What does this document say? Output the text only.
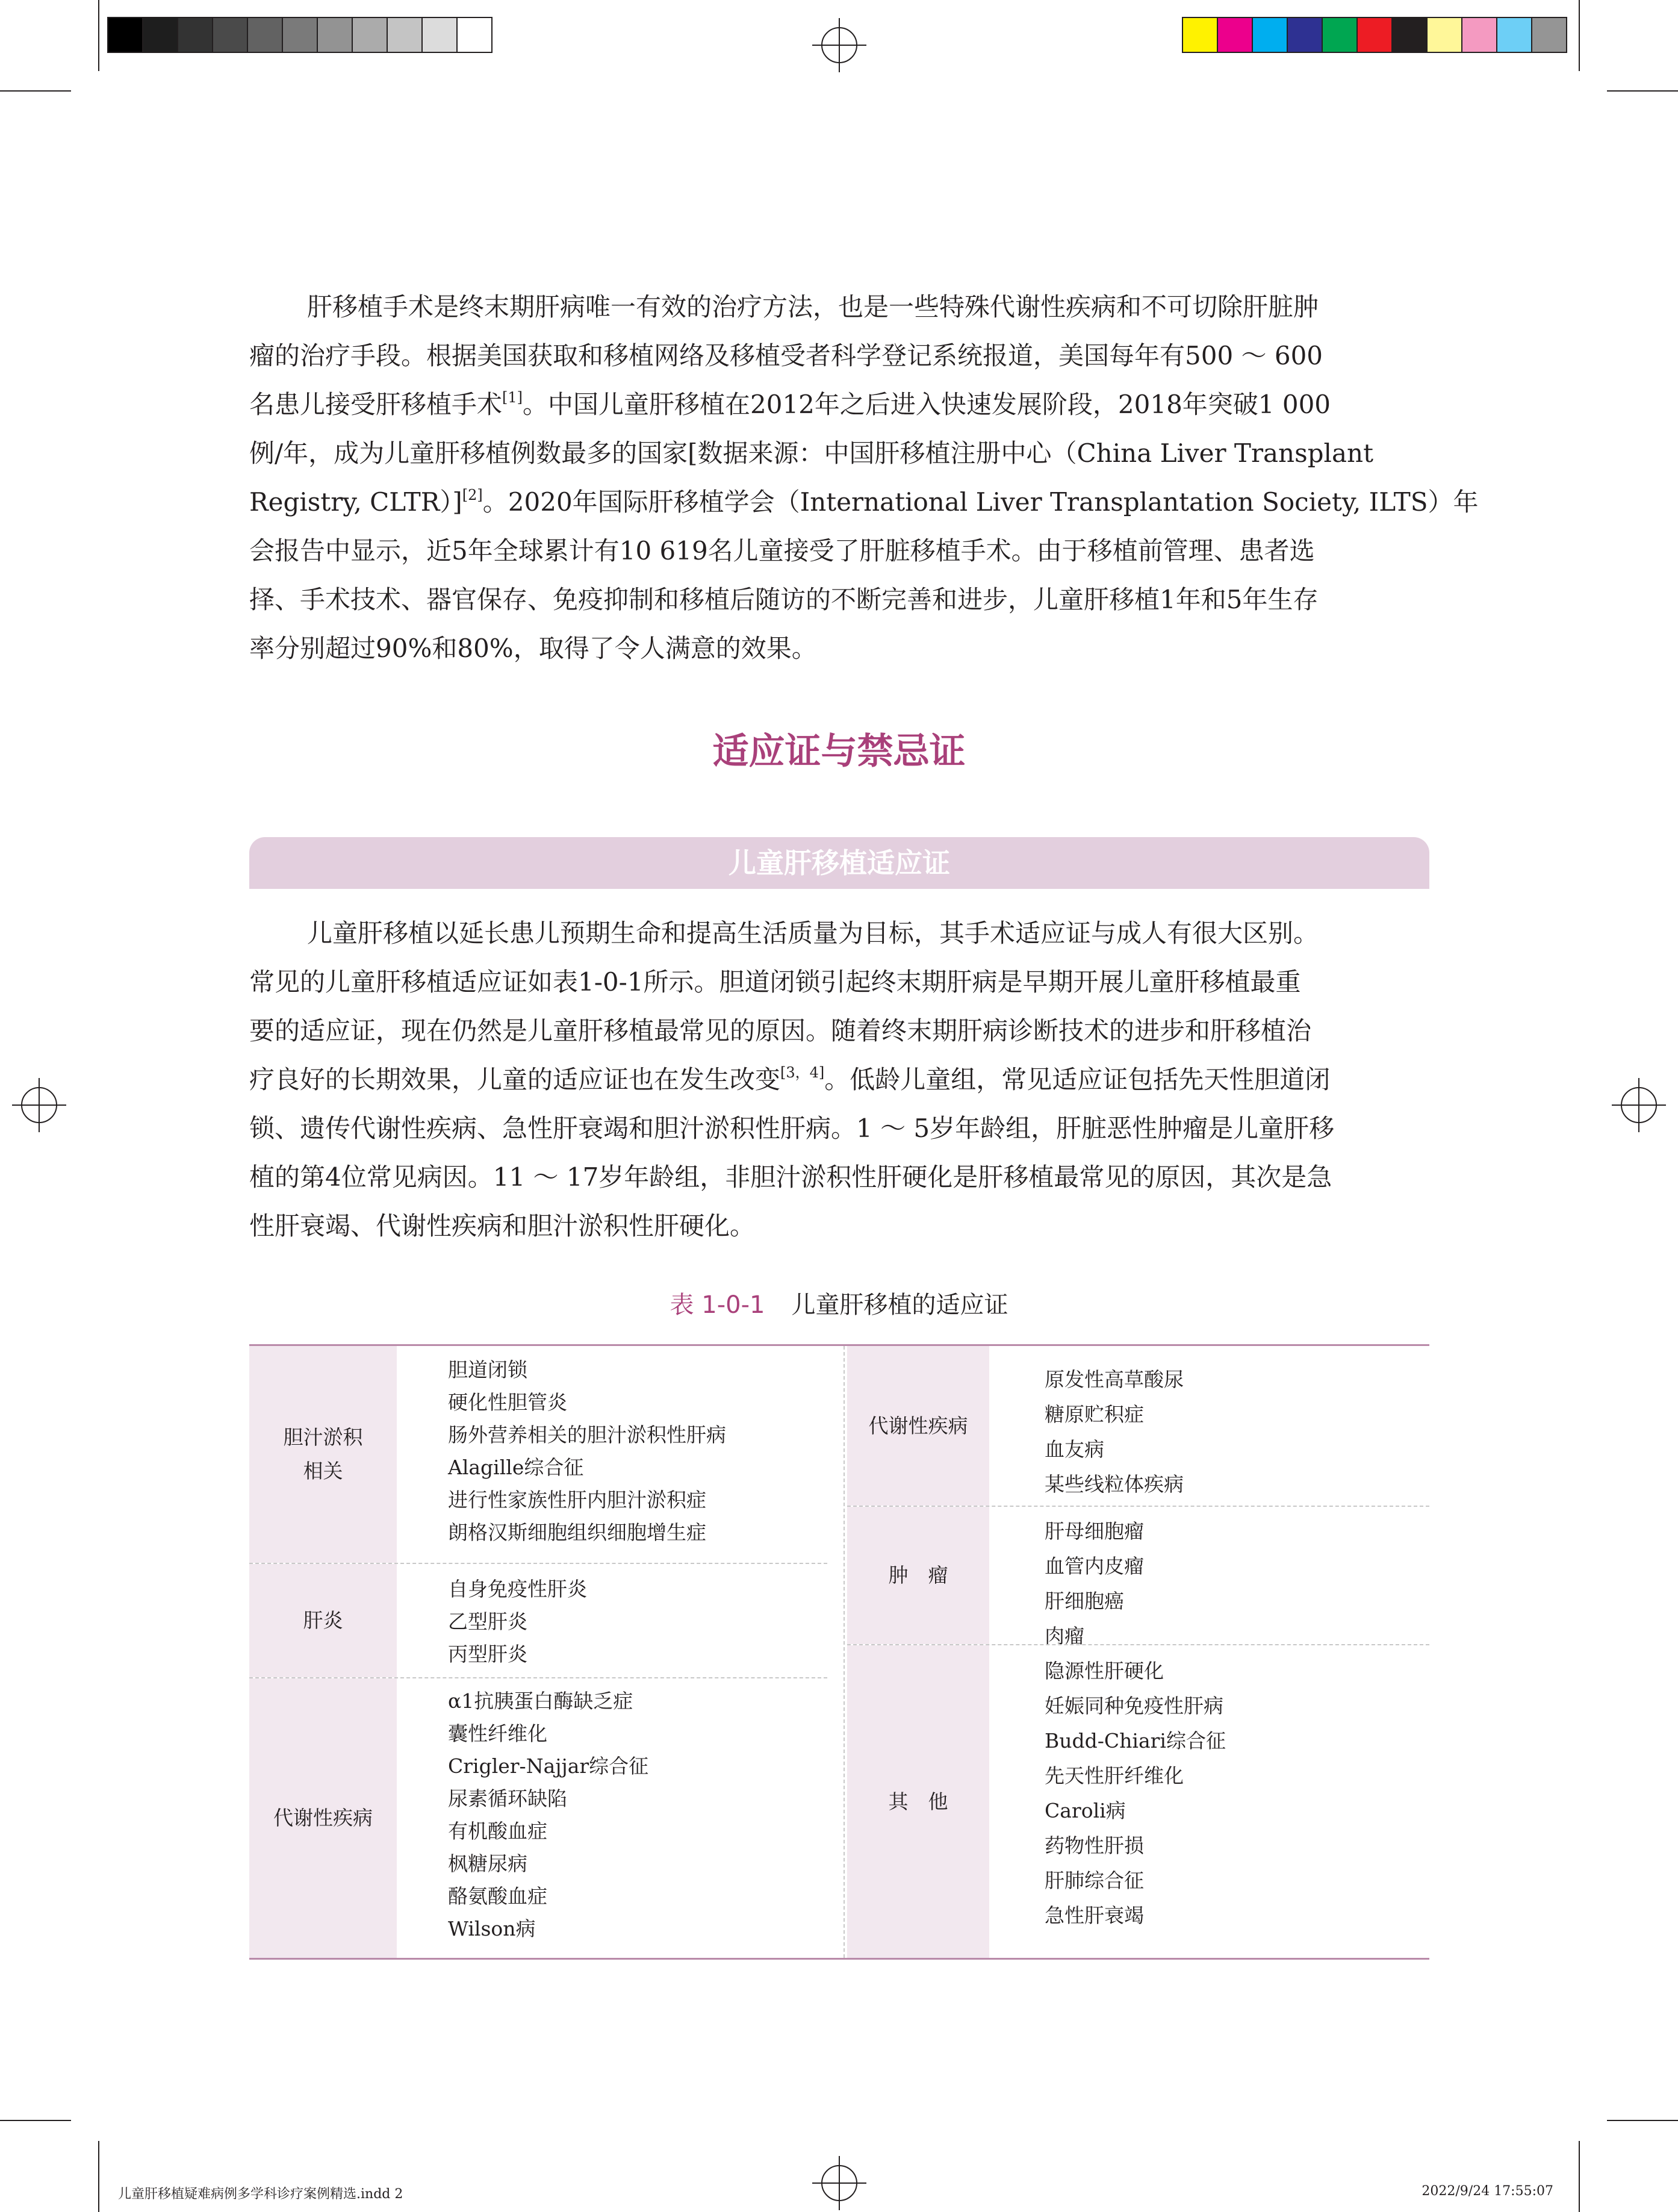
肝移植手术是终末期肝病唯一有效的治疗方法，也是一些特殊代谢性疾病和不可切除肝脏肿
瘤的治疗手段。根据美国获取和移植网络及移植受者科学登记系统报道，美国每年有500 ～ 600
名患儿接受肝移植手术[1]。中国儿童肝移植在2012年之后进入快速发展阶段，2018年突破1 000
例/年，成为儿童肝移植例数最多的国家[数据来源：中国肝移植注册中心（China Liver Transplant
Registry, CLTR）][2]。2020年国际肝移植学会（International Liver Transplantation Society, ILTS）年
会报告中显示，近5年全球累计有10 619名儿童接受了肝脏移植手术。由于移植前管理、患者选
择、手术技术、器官保存、免疫抑制和移植后随访的不断完善和进步，儿童肝移植1年和5年生存
率分别超过90%和80%，取得了令人满意的效果。
适应证与禁忌证
儿童肝移植适应证
儿童肝移植以延长患儿预期生命和提高生活质量为目标，其手术适应证与成人有很大区别。
常见的儿童肝移植适应证如表1-0-1所示。胆道闭锁引起终末期肝病是早期开展儿童肝移植最重
要的适应证，现在仍然是儿童肝移植最常见的原因。随着终末期肝病诊断技术的进步和肝移植治
疗良好的长期效果，儿童的适应证也在发生改变[3，4]。低龄儿童组，常见适应证包括先天性胆道闭
锁、遗传代谢性疾病、急性肝衰竭和胆汁淤积性肝病。1 ～ 5岁年龄组，肝脏恶性肿瘤是儿童肝移
植的第4位常见病因。11 ～ 17岁年龄组，非胆汁淤积性肝硬化是肝移植最常见的原因，其次是急
性肝衰竭、代谢性疾病和胆汁淤积性肝硬化。
表 1-0-1 儿童肝移植的适应证
胆汁淤积
相关
胆道闭锁
硬化性胆管炎
肠外营养相关的胆汁淤积性肝病
Alagille综合征
进行性家族性肝内胆汁淤积症
朗格汉斯细胞组织细胞增生症
肝炎
自身免疫性肝炎
乙型肝炎
丙型肝炎
代谢性疾病
α1抗胰蛋白酶缺乏症
囊性纤维化
Crigler-Najjar综合征
尿素循环缺陷
有机酸血症
枫糖尿病
酪氨酸血症
Wilson病
代谢性疾病
原发性高草酸尿
糖原贮积症
血友病
某些线粒体疾病
肿　瘤
肝母细胞瘤
血管内皮瘤
肝细胞癌
肉瘤
其　他
隐源性肝硬化
妊娠同种免疫性肝病
Budd-Chiari综合征
先天性肝纤维化
Caroli病
药物性肝损
肝肺综合征
急性肝衰竭
儿童肝移植疑难病例多学科诊疗案例精选.indd 2	2022/9/24 17:55:07
